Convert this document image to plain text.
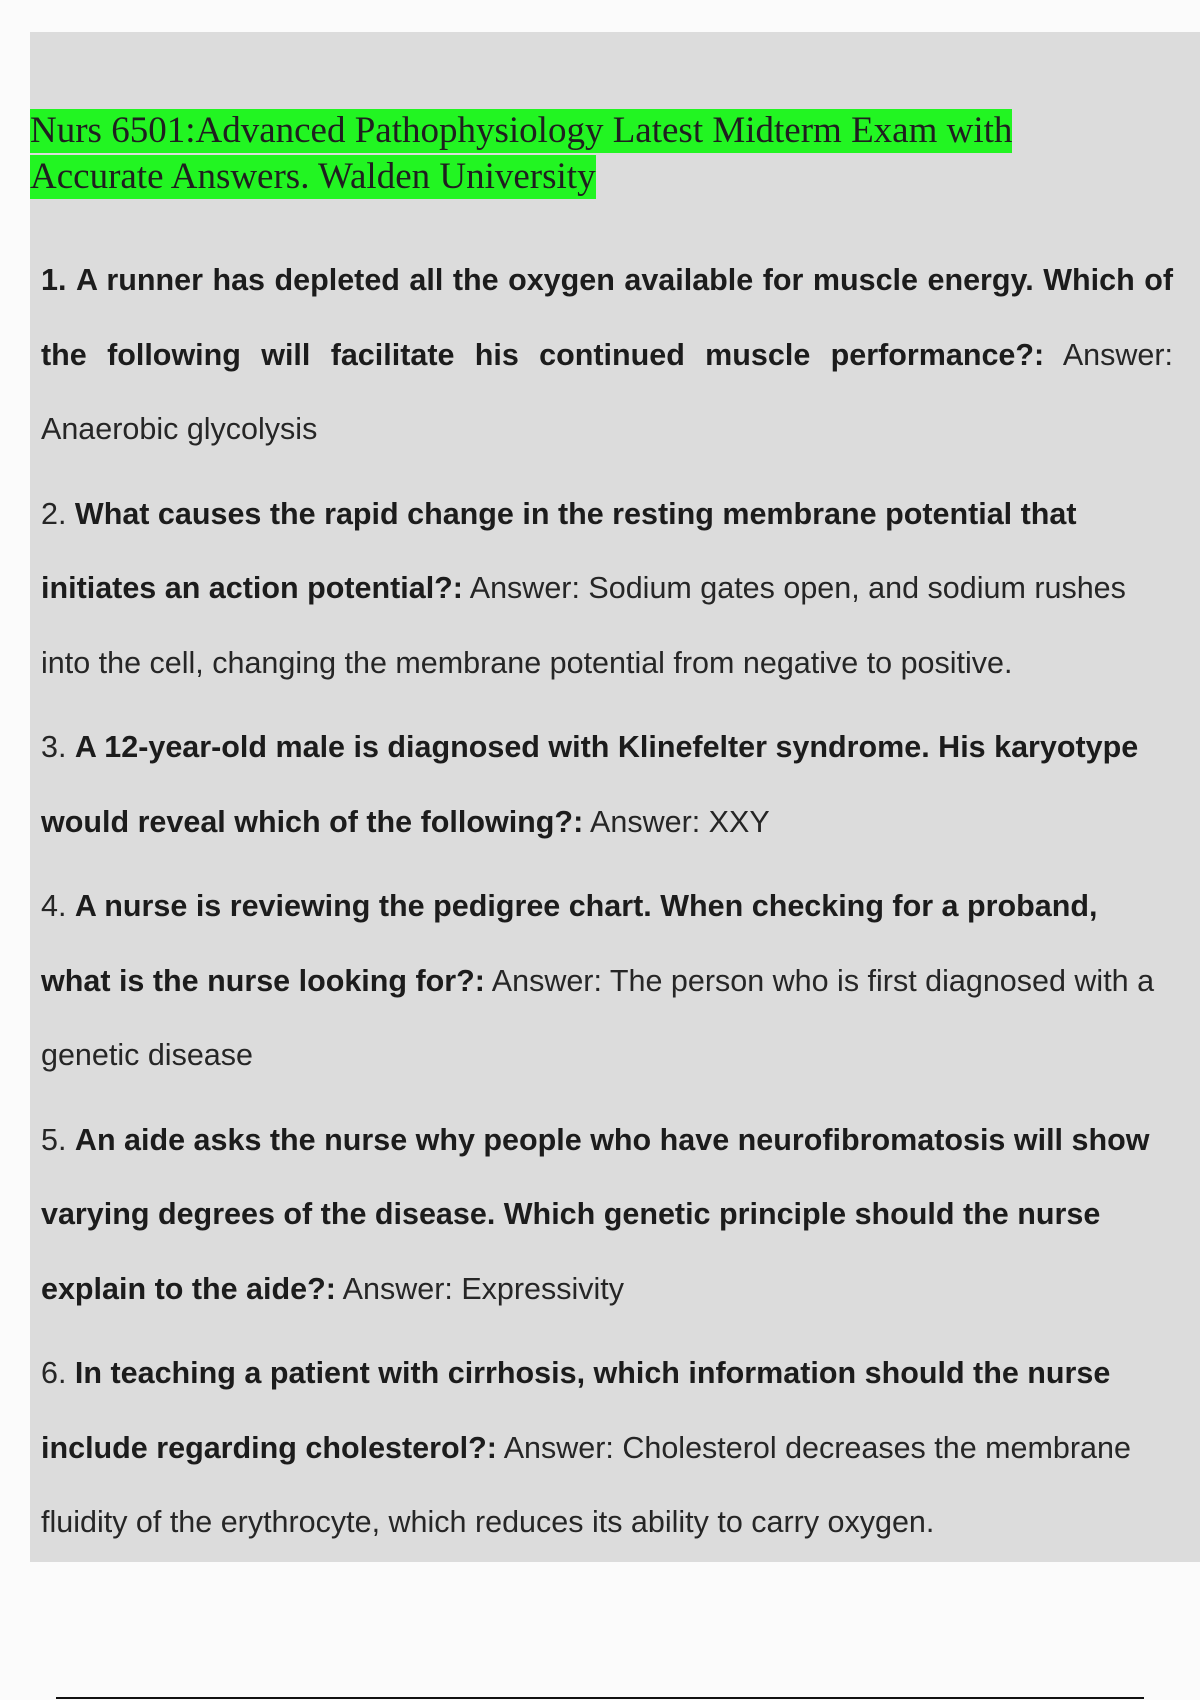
Nurs 6501:Advanced Pathophysiology Latest Midterm Exam with Accurate Answers. Walden University
1. A runner has depleted all the oxygen available for muscle energy. Which of the following will facilitate his continued muscle performance?: Answer: Anaerobic glycolysis
2. What causes the rapid change in the resting membrane potential that initiates an action potential?: Answer: Sodium gates open, and sodium rushes into the cell, changing the membrane potential from negative to positive.
3. A 12-year-old male is diagnosed with Klinefelter syndrome. His karyotype would reveal which of the following?: Answer: XXY
4. A nurse is reviewing the pedigree chart. When checking for a proband, what is the nurse looking for?: Answer: The person who is first diagnosed with a genetic disease
5. An aide asks the nurse why people who have neurofibromatosis will show varying degrees of the disease. Which genetic principle should the nurse explain to the aide?: Answer: Expressivity
6. In teaching a patient with cirrhosis, which information should the nurse include regarding cholesterol?: Answer: Cholesterol decreases the membrane fluidity of the erythrocyte, which reduces its ability to carry oxygen.
